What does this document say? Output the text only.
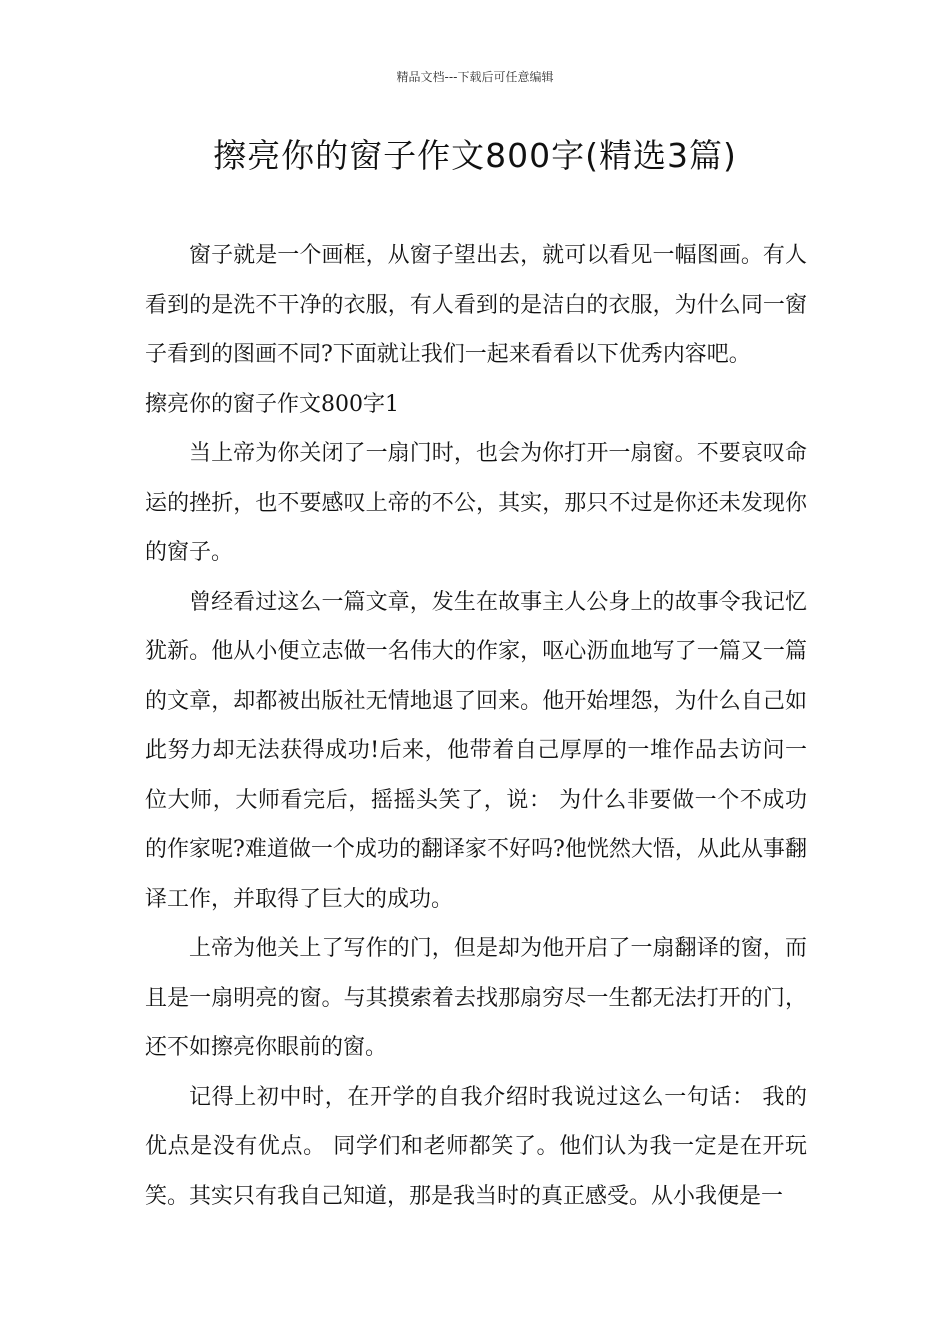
精品文档---下载后可任意编辑
擦亮你的窗子作文800字(精选3篇)

窗子就是一个画框，从窗子望出去，就可以看见一幅图画。有人看到的是洗不干净的衣服，有人看到的是洁白的衣服，为什么同一窗子看到的图画不同?下面就让我们一起来看看以下优秀内容吧。

擦亮你的窗子作文800字1

当上帝为你关闭了一扇门时，也会为你打开一扇窗。不要哀叹命运的挫折，也不要感叹上帝的不公，其实，那只不过是你还未发现你的窗子。

曾经看过这么一篇文章，发生在故事主人公身上的故事令我记忆犹新。他从小便立志做一名伟大的作家，呕心沥血地写了一篇又一篇的文章，却都被出版社无情地退了回来。他开始埋怨，为什么自己如此努力却无法获得成功!后来，他带着自己厚厚的一堆作品去访问一位大师，大师看完后，摇摇头笑了，说： 为什么非要做一个不成功的作家呢?难道做一个成功的翻译家不好吗?他恍然大悟，从此从事翻译工作，并取得了巨大的成功。

上帝为他关上了写作的门，但是却为他开启了一扇翻译的窗，而且是一扇明亮的窗。与其摸索着去找那扇穷尽一生都无法打开的门，还不如擦亮你眼前的窗。

记得上初中时，在开学的自我介绍时我说过这么一句话： 我的优点是没有优点。 同学们和老师都笑了。他们认为我一定是在开玩笑。其实只有我自己知道，那是我当时的真正感受。从小我便是一
